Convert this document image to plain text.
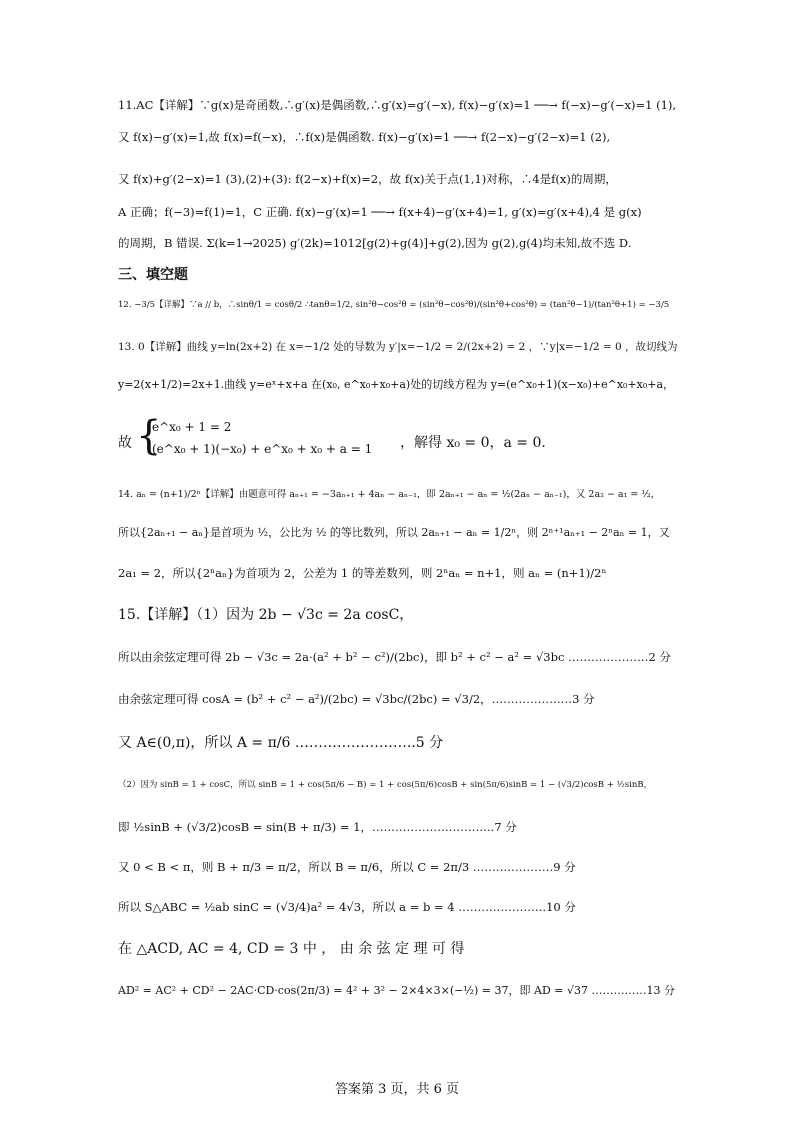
11.AC【详解】∵g(x)是奇函数,∴g′(x)是偶函数,∴g′(x)=g′(−x), f(x)−g′(x)=1 ──→ f(−x)−g′(−x)=1 (1),
又 f(x)−g′(x)=1,故 f(x)=f(−x)，∴f(x)是偶函数. f(x)−g′(x)=1 ──→ f(2−x)−g′(2−x)=1 (2),
又 f(x)+g′(2−x)=1 (3),(2)+(3): f(2−x)+f(x)=2，故 f(x)关于点(1,1)对称，∴4是f(x)的周期，
A 正确；f(−3)=f(1)=1，C 正确. f(x)−g′(x)=1 ──→ f(x+4)−g′(x+4)=1, g′(x)=g′(x+4),4 是 g(x)
的周期，B 错误. Σ(k=1→2025) g′(2k)=1012[g(2)+g(4)]+g(2),因为 g(2),g(4)均未知,故不选 D.
三、填空题
12. −3/5【详解】∵a // b，∴sinθ/1 = cosθ/2 ∴tanθ=1/2, sin²θ−cos²θ = (sin²θ−cos²θ)/(sin²θ+cos²θ) = (tan²θ−1)/(tan²θ+1) = −3/5
13. 0【详解】曲线 y=ln(2x+2) 在 x=−1/2 处的导数为 y′|x=−1/2 = 2/(2x+2) = 2 ，∵y|x=−1/2 = 0 ，故切线为
y=2(x+1/2)=2x+1.曲线 y=eˣ+x+a 在(x₀, e^x₀+x₀+a)处的切线方程为 y=(e^x₀+1)(x−x₀)+e^x₀+x₀+a，
故 {
e^x₀ + 1 = 2
(e^x₀ + 1)(−x₀) + e^x₀ + x₀ + a = 1 ，解得 x₀ = 0，a = 0.
14. aₙ = (n+1)/2ⁿ【详解】由题意可得 aₙ₊₁ = −3aₙ₊₁ + 4aₙ − aₙ₋₁，即 2aₙ₊₁ − aₙ = ½(2aₙ − aₙ₋₁)，又 2a₂ − a₁ = ½，
所以{2aₙ₊₁ − aₙ}是首项为 ½，公比为 ½ 的等比数列，所以 2aₙ₊₁ − aₙ = 1/2ⁿ，则 2ⁿ⁺¹aₙ₊₁ − 2ⁿaₙ = 1，又
2a₁ = 2，所以{2ⁿaₙ}为首项为 2，公差为 1 的等差数列，则 2ⁿaₙ = n+1，则 aₙ = (n+1)/2ⁿ
15.【详解】（1）因为 2b − √3c = 2a cosC，
所以由余弦定理可得 2b − √3c = 2a·(a² + b² − c²)/(2bc)，即 b² + c² − a² = √3bc …………………2 分
由余弦定理可得 cosA = (b² + c² − a²)/(2bc) = √3bc/(2bc) = √3/2，…………………3 分
又 A∈(0,π)，所以 A = π/6 ……………………..5 分
（2）因为 sinB = 1 + cosC，所以 sinB = 1 + cos(5π/6 − B) = 1 + cos(5π/6)cosB + sin(5π/6)sinB = 1 − (√3/2)cosB + ½sinB，
即 ½sinB + (√3/2)cosB = sin(B + π/3) = 1，…………………………..7 分
又 0 < B < π，则 B + π/3 = π/2，所以 B = π/6，所以 C = 2π/3 …………………9 分
所以 S△ABC = ½ab sinC = (√3/4)a² = 4√3，所以 a = b = 4 …………………..10 分
在 △ACD, AC = 4, CD = 3 中 ， 由 余 弦 定 理 可 得
AD² = AC² + CD² − 2AC·CD·cos(2π/3) = 4² + 3² − 2×4×3×(−½) = 37，即 AD = √37 ……………13 分
答案第 3 页，共 6 页
